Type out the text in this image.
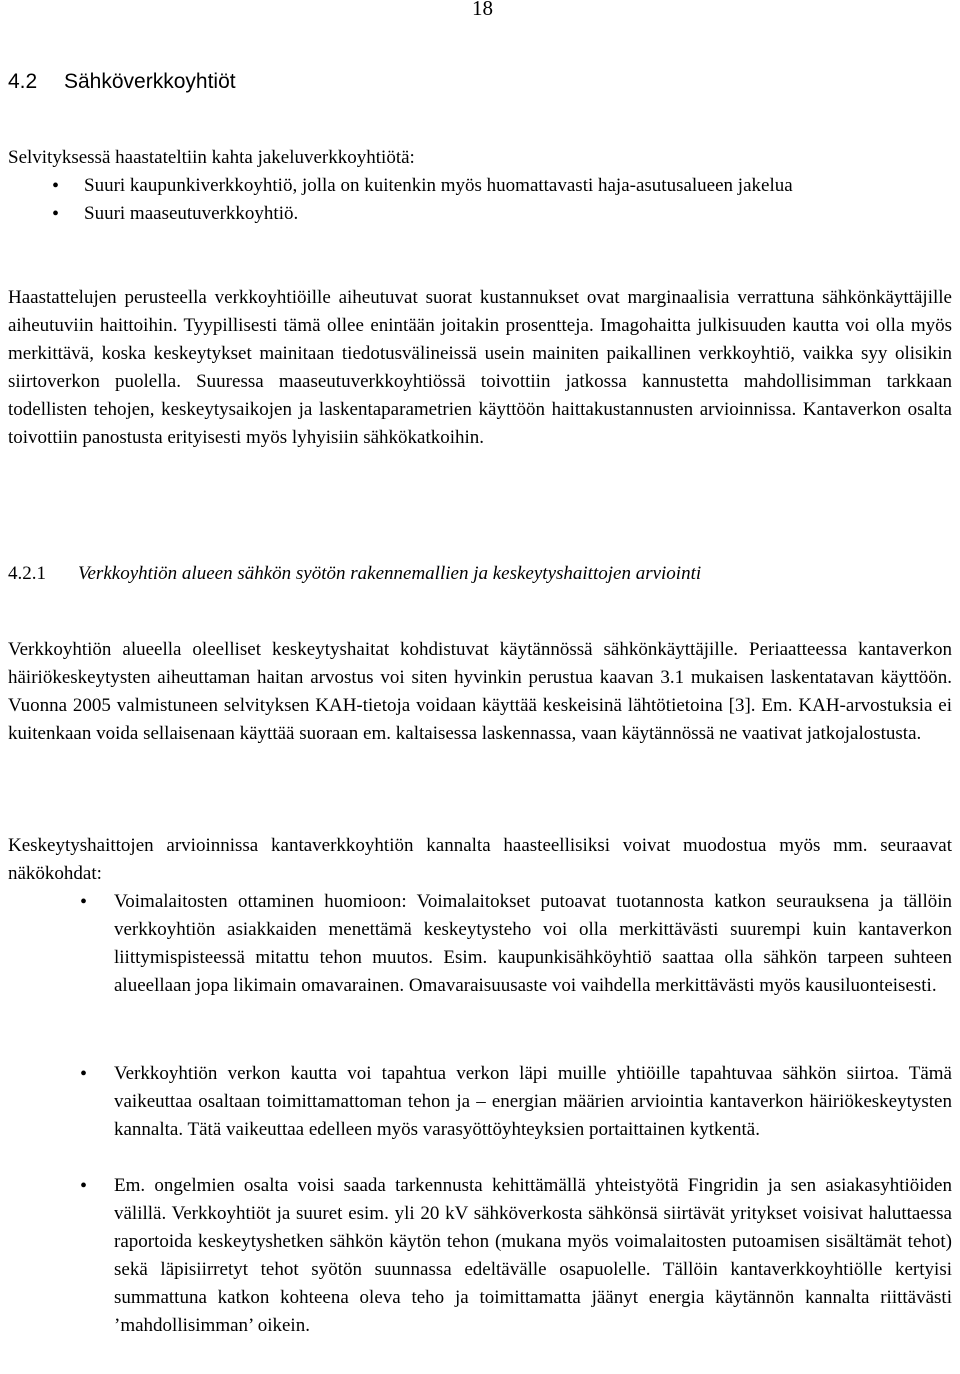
18
4.2 Sähköverkkoyhtiöt

Selvityksessä haastateltiin kahta jakeluverkkoyhtiötä:

• Suuri kaupunkiverkkoyhtiö, jolla on kuitenkin myös huomattavasti haja-asutusalueen jakelua
• Suuri maaseutuverkkoyhtiö.

Haastattelujen perusteella verkkoyhtiöille aiheutuvat suorat kustannukset ovat marginaalisia verrattuna sähkönkäyttäjille aiheutuviin haittoihin. Tyypillisesti tämä ollee enintään joitakin prosentteja. Imagohaitta julkisuuden kautta voi olla myös merkittävä, koska keskeytykset mainitaan tiedotusvälineissä usein mainiten paikallinen verkkoyhtiö, vaikka syy olisikin siirtoverkon puolella. Suuressa maaseutuverkkoyhtiössä toivottiin jatkossa kannustetta mahdollisimman tarkkaan todellisten tehojen, keskeytysaikojen ja laskentaparametrien käyttöön haittakustannusten arvioinnissa. Kantaverkon osalta toivottiin panostusta erityisesti myös lyhyisiin sähkökatkoihin.

4.2.1 Verkkoyhtiön alueen sähkön syötön rakennemallien ja keskeytyshaittojen arviointi

Verkkoyhtiön alueella oleelliset keskeytyshaitat kohdistuvat käytännössä sähkönkäyttäjille. Periaatteessa kantaverkon häiriökeskeytysten aiheuttaman haitan arvostus voi siten hyvinkin perustua kaavan 3.1 mukaisen laskentatavan käyttöön. Vuonna 2005 valmistuneen selvityksen KAH-tietoja voidaan käyttää keskeisinä lähtötietoina [3]. Em. KAH-arvostuksia ei kuitenkaan voida sellaisenaan käyttää suoraan em. kaltaisessa laskennassa, vaan käytännössä ne vaativat jatkojalostusta.

Keskeytyshaittojen arvioinnissa kantaverkkoyhtiön kannalta haasteellisiksi voivat muodostua myös mm. seuraavat näkökohdat:

• Voimalaitosten ottaminen huomioon: Voimalaitokset putoavat tuotannosta katkon seurauksena ja tällöin verkkoyhtiön asiakkaiden menettämä keskeytysteho voi olla merkittävästi suurempi kuin kantaverkon liittymispisteessä mitattu tehon muutos. Esim. kaupunkisähköyhtiö saattaa olla sähkön tarpeen suhteen alueellaan jopa likimain omavarainen. Omavaraisuusaste voi vaihdella merkittävästi myös kausiluonteisesti.
• Verkkoyhtiön verkon kautta voi tapahtua verkon läpi muille yhtiöille tapahtuvaa sähkön siirtoa. Tämä vaikeuttaa osaltaan toimittamattoman tehon ja – energian määrien arviointia kantaverkon häiriökeskeytysten kannalta. Tätä vaikeuttaa edelleen myös varasyöttöyhteyksien portaittainen kytkentä.
• Em. ongelmien osalta voisi saada tarkennusta kehittämällä yhteistyötä Fingridin ja sen asiakasyhtiöiden välillä. Verkkoyhtiöt ja suuret esim. yli 20 kV sähköverkosta sähkönsä siirtävät yritykset voisivat haluttaessa raportoida keskeytyshetken sähkön käytön tehon (mukana myös voimalaitosten putoamisen sisältämät tehot) sekä läpisiirretyt tehot syötön suunnassa edeltävälle osapuolelle. Tällöin kantaverkkoyhtiölle kertyisi summattuna katkon kohteena oleva teho ja toimittamatta jäänyt energia käytännön kannalta riittävästi ’mahdollisimman’ oikein.
